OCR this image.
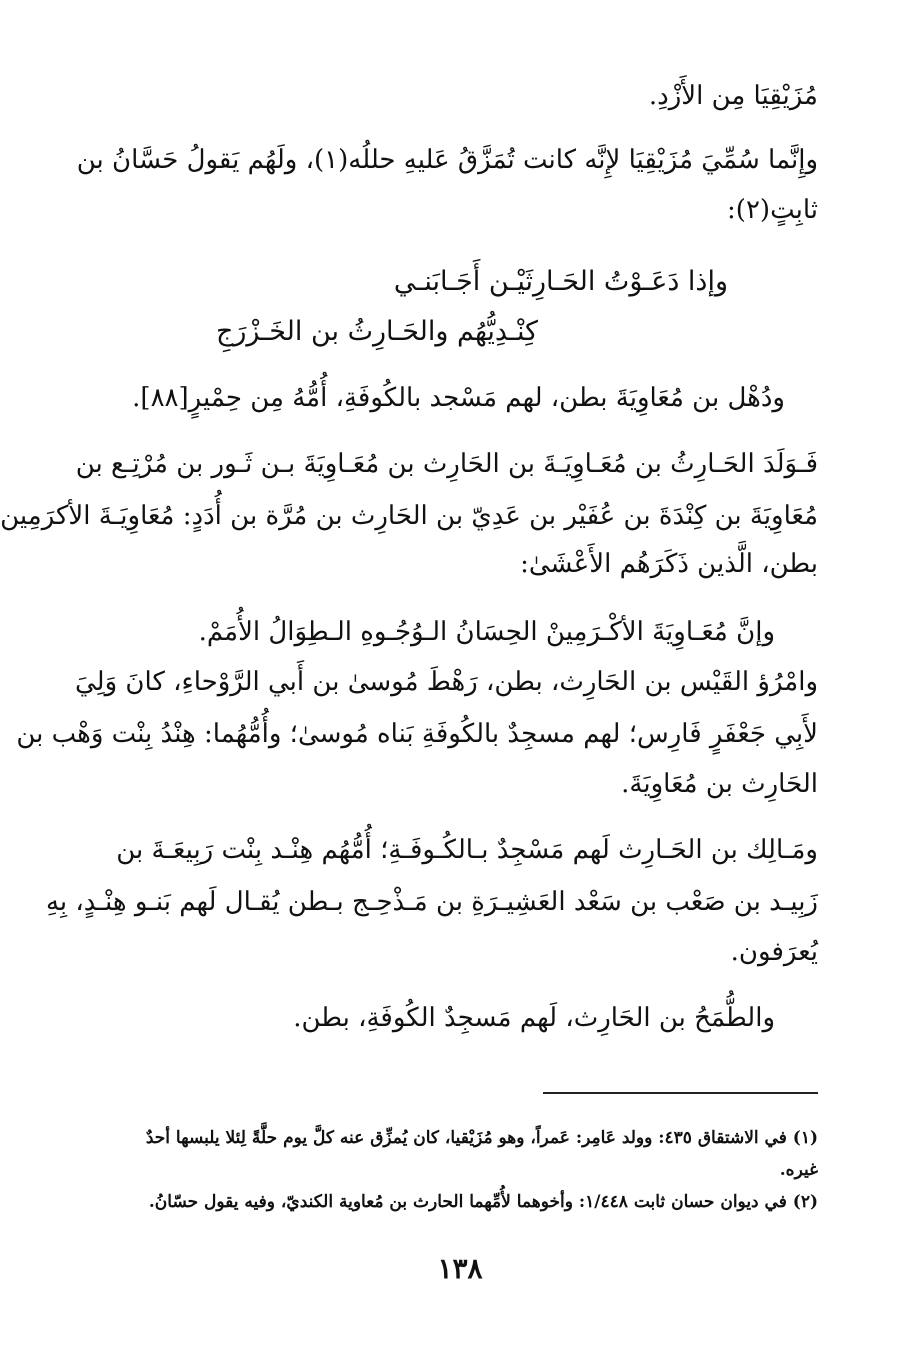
مُزَيْقِيَا مِن الأَزْدِ.
وإِنَّما سُمِّيَ مُزَيْقِيَا لإِنَّه كانت تُمَزَّقُ عَليهِ حللُه(١)، ولَهُم يَقولُ حَسَّانُ بن
ثابِتٍ(٢):
وإذا دَعَـوْتُ الحَـارِثَيْـن أَجَـابَنـي
كِنْـدِيُّهُم والحَـارِثُ بن الخَـزْرَجِ
ودُهْل بن مُعَاوِيَةَ بطن، لهم مَسْجد بالكُوفَةِ، أُمُّهُ مِن حِمْيرٍ[٨٨].
فَـوَلَدَ الحَـارِثُ بن مُعَـاوِيَـةَ بن الحَارِث بن مُعَـاوِيَةَ بـن ثَـور بن مُرْتِـع بن
مُعَاوِيَةَ بن كِنْدَةَ بن عُفَيْر بن عَدِيّ بن الحَارِث بن مُرَّة بن أُدَدٍ: مُعَاوِيَـةَ الأكرَمِين
بطن، الَّذين ذَكَرَهُم الأَعْشَىٰ:
وإنَّ مُعَـاوِيَةَ الأكْـرَمِينْ الحِسَانُ الـوُجُـوهِ الـطِوَالُ الأُمَمْ.
وامْرُؤ القَيْس بن الحَارِث، بطن، رَهْطَ مُوسىٰ بن أَبي الرَّوْحاءِ، كانَ وَلِيَ
لأَبِي جَعْفَرٍ فَارِس؛ لهم مسجِدٌ بالكُوفَةِ بَناه مُوسىٰ؛ وأُمُّهُما: هِنْدُ بِنْت وَهْب بن
الحَارِث بن مُعَاوِيَةَ.
ومَـالِك بن الحَـارِث لَهم مَسْجِدٌ بـالكُـوفَـةِ؛ أُمُّهُم هِنْـد بِنْت رَبِيعَـةَ بن
زَبِيـد بن صَعْب بن سَعْد العَشِيـرَةِ بن مَـذْحِـج بـطن يُقـال لَهم بَنـو هِنْـدٍ، بِهِ
يُعرَفون.
والطُّمَحُ بن الحَارِث، لَهم مَسجِدٌ الكُوفَةِ، بطن.
(١) في الاشتقاق ٤٣٥: وولد عَامِر: عَمراً، وهو مُزَيْقيا، كان يُمزِّق عنه كلَّ يوم حلَّةً لِئلا يلبسها أحدٌ
غيره.
(٢) في ديوان حسان ثابت ١/٤٤٨: وأخوهما لأُمِّهما الحارث بن مُعاوية الكنديّ، وفيه يقول حسّانُ.
١٣٨
